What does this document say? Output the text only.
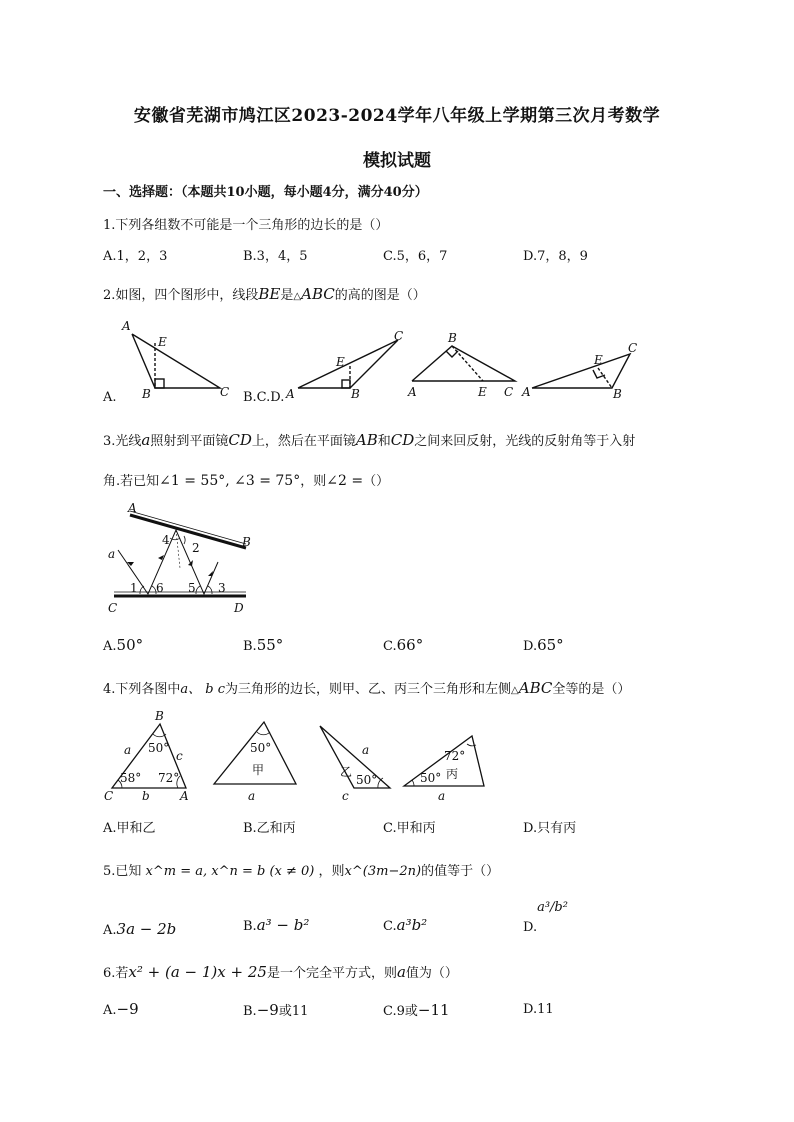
安徽省芜湖市鸠江区2023-2024学年八年级上学期第三次月考数学
模拟试题
一、选择题：（本题共10小题，每小题4分，满分40分）
1.下列各组数不可能是一个三角形的边长的是（）
A.1，2，3	B.3，4，5	C.5，6，7	D.7，8，9
2.如图，四个图形中，线段BE是△ABC的高的图是（）
A
E
B	C
E
A	B
C	B
A	E C
E
C
A	B
A.	B.C.D.
3.光线a照射到平面镜CD上，然后在平面镜AB和CD之间来回反射，光线的反射角等于入射
角.若已知∠1 = 55°, ∠3 = 75°，则∠2 =（）
A
B
C	D
a
1 6
4
2
5 3
A.50°	B.55°	C.66°	D.65°
4.下列各图中a、 b c为三角形的边长，则甲、乙、丙三个三角形和左侧△ABC全等的是（）
B
C	A
a	c
b
50°
58° 72°
50°
甲
a
乙
50°
a
c
72°
丙
50°
a
A.甲和乙	B.乙和丙	C.甲和丙	D.只有丙
5.已知 x^m = a, x^n = b (x ≠ 0) ，则x^(3m−2n)的值等于（）
A.3a − 2b	B.a³ − b²	C.a³b²	D.a³/b²
6.若x² + (a − 1)x + 25是一个完全平方式，则a值为（）
A.−9	B.−9或11	C.9或−11	D.11
